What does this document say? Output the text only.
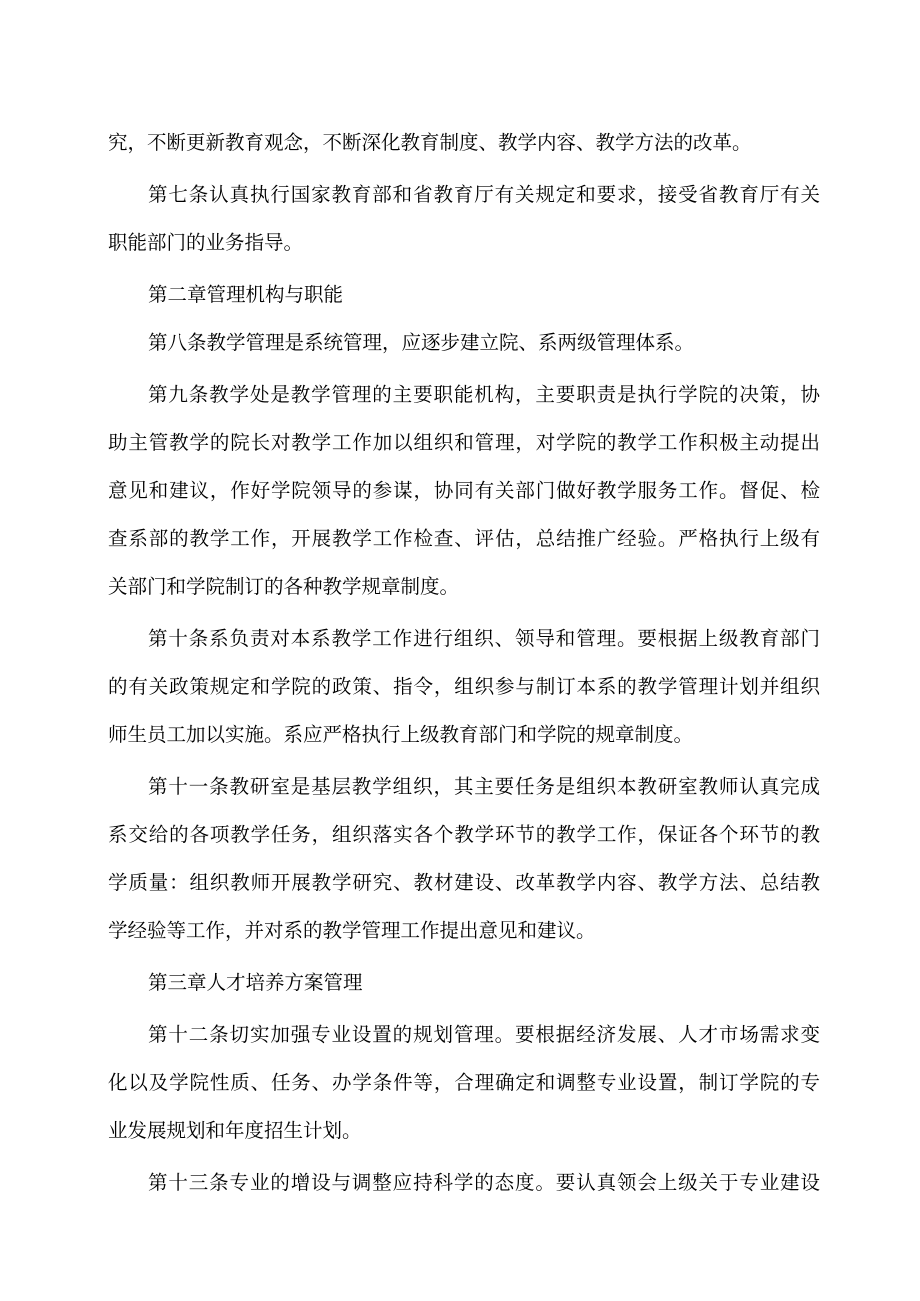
究，不断更新教育观念，不断深化教育制度、教学内容、教学方法的改革。

第七条认真执行国家教育部和省教育厅有关规定和要求，接受省教育厅有关

职能部门的业务指导。

第二章管理机构与职能

第八条教学管理是系统管理，应逐步建立院、系两级管理体系。

第九条教学处是教学管理的主要职能机构，主要职责是执行学院的决策，协

助主管教学的院长对教学工作加以组织和管理，对学院的教学工作积极主动提出

意见和建议，作好学院领导的参谋，协同有关部门做好教学服务工作。督促、检

查系部的教学工作，开展教学工作检查、评估，总结推广经验。严格执行上级有

关部门和学院制订的各种教学规章制度。

第十条系负责对本系教学工作进行组织、领导和管理。要根据上级教育部门

的有关政策规定和学院的政策、指令，组织参与制订本系的教学管理计划并组织

师生员工加以实施。系应严格执行上级教育部门和学院的规章制度。

第十一条教研室是基层教学组织，其主要任务是组织本教研室教师认真完成

系交给的各项教学任务，组织落实各个教学环节的教学工作，保证各个环节的教

学质量：组织教师开展教学研究、教材建设、改革教学内容、教学方法、总结教

学经验等工作，并对系的教学管理工作提出意见和建议。

第三章人才培养方案管理

第十二条切实加强专业设置的规划管理。要根据经济发展、人才市场需求变

化以及学院性质、任务、办学条件等，合理确定和调整专业设置，制订学院的专

业发展规划和年度招生计划。

第十三条专业的增设与调整应持科学的态度。要认真领会上级关于专业建设
